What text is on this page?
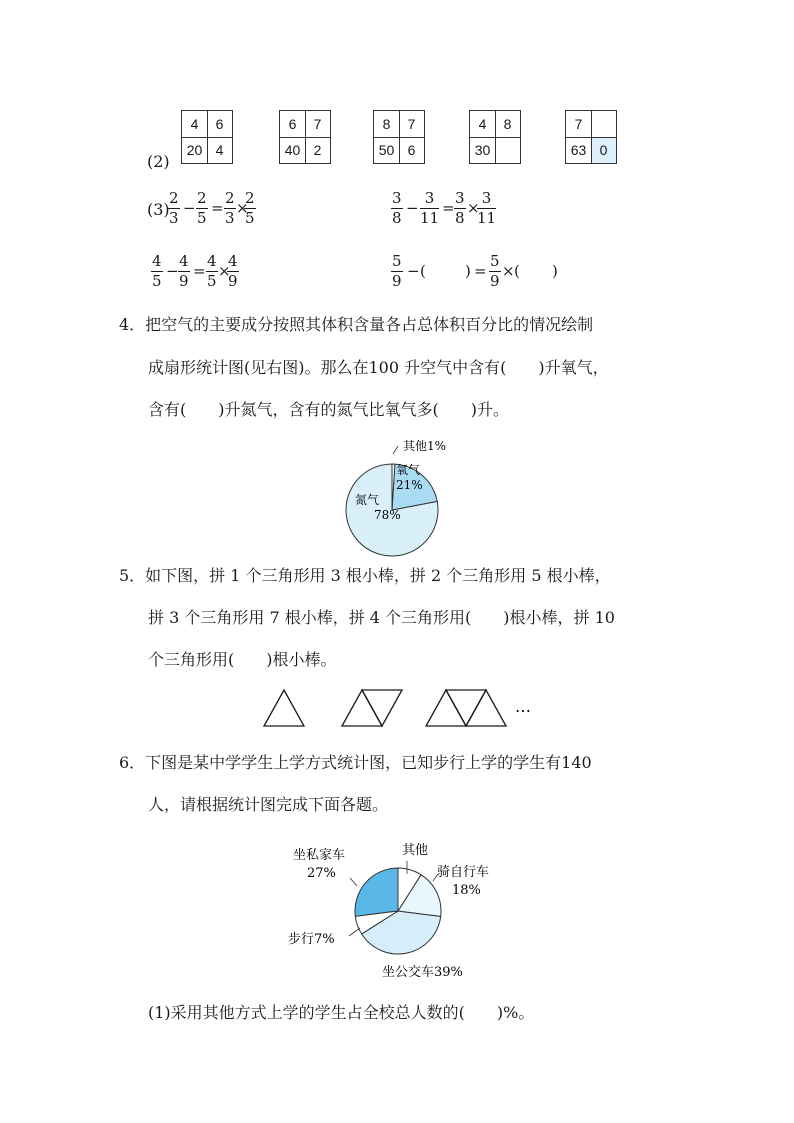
(2)
4	6
20 4
6	7
40 2
8	7
50 6
4	8
30
7
63 0
(3)
2
3
−
2
5
=
2
3
×
2
5
3
8
−
3
11
=
3
8
×
3
11
4
5
−
4
9
=
4
5
×
4
9
5
9
− (	) =
5
9
× ( )
4．把空气的主要成分按照其体积含量各占总体积百分比的情况绘制
成扇形统计图(见右图)。那么在100 升空气中含有(　　)升氧气，
含有(　　)升氮气，含有的氮气比氧气多(　　)升。
其他1%
氧气
21%
氮气
78%
5．如下图，拼 1 个三角形用 3 根小棒，拼 2 个三角形用 5 根小棒，
拼 3 个三角形用 7 根小棒，拼 4 个三角形用(　　)根小棒，拼 10
个三角形用(　　)根小棒。
…
6．下图是某中学学生上学方式统计图，已知步行上学的学生有140
人，请根据统计图完成下面各题。
其他
骑自行车
18%
坐私家车
27%
步行7%
坐公交车39%
(1)采用其他方式上学的学生占全校总人数的(　　)%。
